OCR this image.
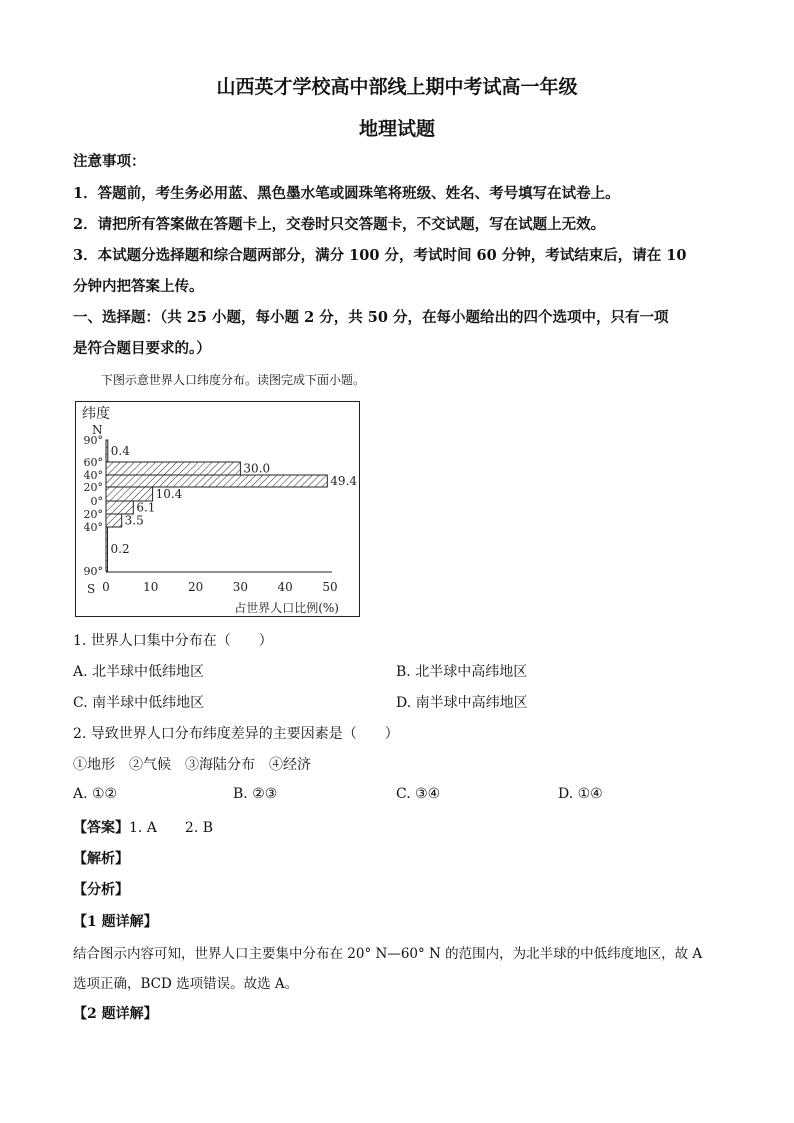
山西英才学校高中部线上期中考试高一年级
地理试题
注意事项：
1．答题前，考生务必用蓝、黑色墨水笔或圆珠笔将班级、姓名、考号填写在试卷上。
2．请把所有答案做在答题卡上，交卷时只交答题卡，不交试题，写在试题上无效。
3．本试题分选择题和综合题两部分，满分 100 分，考试时间 60 分钟，考试结束后，请在 10
分钟内把答案上传。
一、选择题：（共 25 小题，每小题 2 分，共 50 分，在每小题给出的四个选项中，只有一项
是符合题目要求的。）
下图示意世界人口纬度分布。读图完成下面小题。
纬度
N
S
0.4
30.0
49.4
10.4
6.1
3.5
0.2
90°
60°
40°
20°
0°
20°
40°
90°
0	10 20 30 40 50
占世界人口比例(%)
1. 世界人口集中分布在（　　）
A. 北半球中低纬地区	B. 北半球中高纬地区
C. 南半球中低纬地区	D. 南半球中高纬地区
2. 导致世界人口分布纬度差异的主要因素是（　　）
①地形　②气候　③海陆分布　④经济
A. ①②	B. ②③	C. ③④	D. ①④
【答案】1. A　　2. B
【解析】
【分析】
【1 题详解】
结合图示内容可知，世界人口主要集中分布在 20° N—60° N 的范围内，为北半球的中低纬度地区，故 A
选项正确，BCD 选项错误。故选 A。
【2 题详解】
